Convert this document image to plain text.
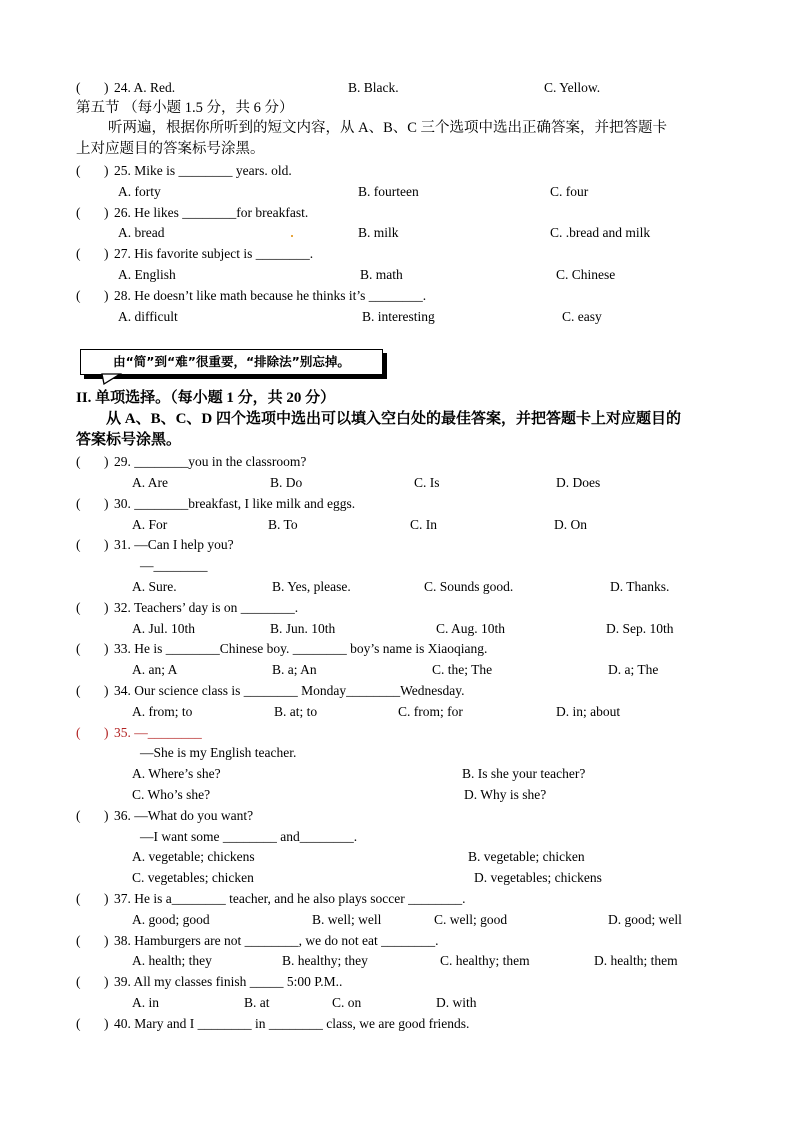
( ) 24. A. Red.	B. Black.	C. Yellow.
第五节 （每小题 1.5 分，共 6 分）
听两遍，根据你所听到的短文内容，从 A、B、C 三个选项中选出正确答案，并把答题卡
上对应题目的答案标号涂黑。
( ) 25. Mike is ________ years. old.
A. forty	B. fourteen	C. four
( ) 26. He likes ________for breakfast.
A. bread	B. milk	C. .bread and milk
( ) 27. His favorite subject is ________.
A. English	B. math	C. Chinese
( ) 28. He doesn’t like math because he thinks it’s ________.
A. difficult	B. interesting	C. easy
由“简”到“难”很重要，“排除法”别忘掉。
II. 单项选择。（每小题 1 分，共 20 分）
从 A、B、C、D 四个选项中选出可以填入空白处的最佳答案，并把答题卡上对应题目的
答案标号涂黑。
( ) 29. ________you in the classroom?
A. Are	B. Do	C. Is	D. Does
( ) 30. ________breakfast, I like milk and eggs.
A. For	B. To	C. In	D. On
( ) 31. —Can I help you?
—________
A. Sure.	B. Yes, please.	C. Sounds good.	D. Thanks.
( ) 32. Teachers’ day is on ________.
A. Jul. 10th	B. Jun. 10th	C. Aug. 10th	D. Sep. 10th
( ) 33. He is ________Chinese boy. ________ boy’s name is Xiaoqiang.
A. an; A	B. a; An	C. the; The	D. a; The
( ) 34. Our science class is ________ Monday________Wednesday.
A. from; to	B. at; to	C. from; for	D. in; about
( ) 35. —________
—She is my English teacher.
A. Where’s she?	B. Is she your teacher?
C. Who’s she?	D. Why is she?
( ) 36. —What do you want?
—I want some ________ and________.
A. vegetable; chickens	B. vegetable; chicken
C. vegetables; chicken	D. vegetables; chickens
( ) 37. He is a________ teacher, and he also plays soccer ________.
A. good; good	B. well; well	C. well; good	D. good; well
( ) 38. Hamburgers are not ________, we do not eat ________.
A. health; they	B. healthy; they	C. healthy; them	D. health; them
( ) 39. All my classes finish _____ 5:00 P.M..
A. in	B. at	C. on	D. with
( ) 40. Mary and I ________ in ________ class, we are good friends.
